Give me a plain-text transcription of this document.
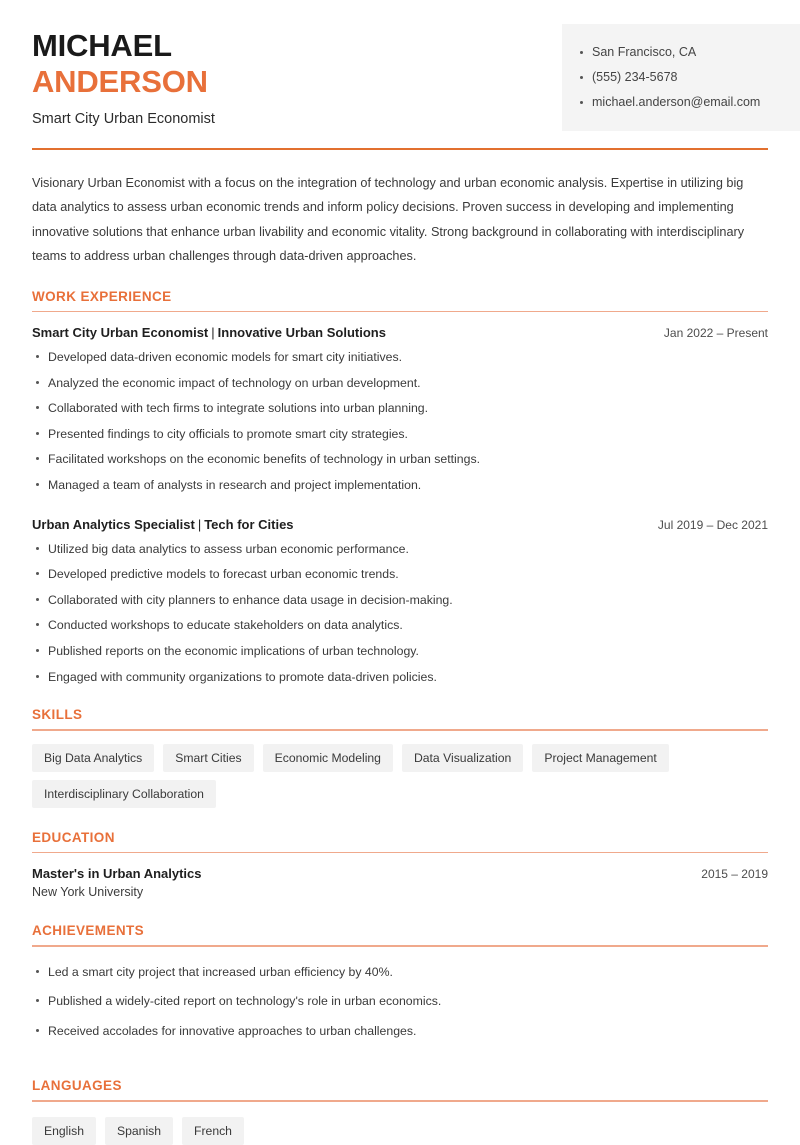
MICHAEL
ANDERSON
Smart City Urban Economist
San Francisco, CA
(555) 234-5678
michael.anderson@email.com

Visionary Urban Economist with a focus on the integration of technology and urban economic analysis. Expertise in utilizing big data analytics to assess urban economic trends and inform policy decisions. Proven success in developing and implementing innovative solutions that enhance urban livability and economic vitality. Strong background in collaborating with interdisciplinary teams to address urban challenges through data-driven approaches.

WORK EXPERIENCE
Smart City Urban Economist | Innovative Urban Solutions	Jan 2022 – Present
Developed data-driven economic models for smart city initiatives.
Analyzed the economic impact of technology on urban development.
Collaborated with tech firms to integrate solutions into urban planning.
Presented findings to city officials to promote smart city strategies.
Facilitated workshops on the economic benefits of technology in urban settings.
Managed a team of analysts in research and project implementation.
Urban Analytics Specialist | Tech for Cities	Jul 2019 – Dec 2021
Utilized big data analytics to assess urban economic performance.
Developed predictive models to forecast urban economic trends.
Collaborated with city planners to enhance data usage in decision-making.
Conducted workshops to educate stakeholders on data analytics.
Published reports on the economic implications of urban technology.
Engaged with community organizations to promote data-driven policies.
SKILLS
Big Data Analytics	Smart Cities	Economic Modeling	Data Visualization	Project Management
Interdisciplinary Collaboration
EDUCATION
Master's in Urban Analytics	2015 – 2019
New York University
ACHIEVEMENTS
Led a smart city project that increased urban efficiency by 40%.
Published a widely-cited report on technology's role in urban economics.
Received accolades for innovative approaches to urban challenges.
LANGUAGES
English	Spanish	French
